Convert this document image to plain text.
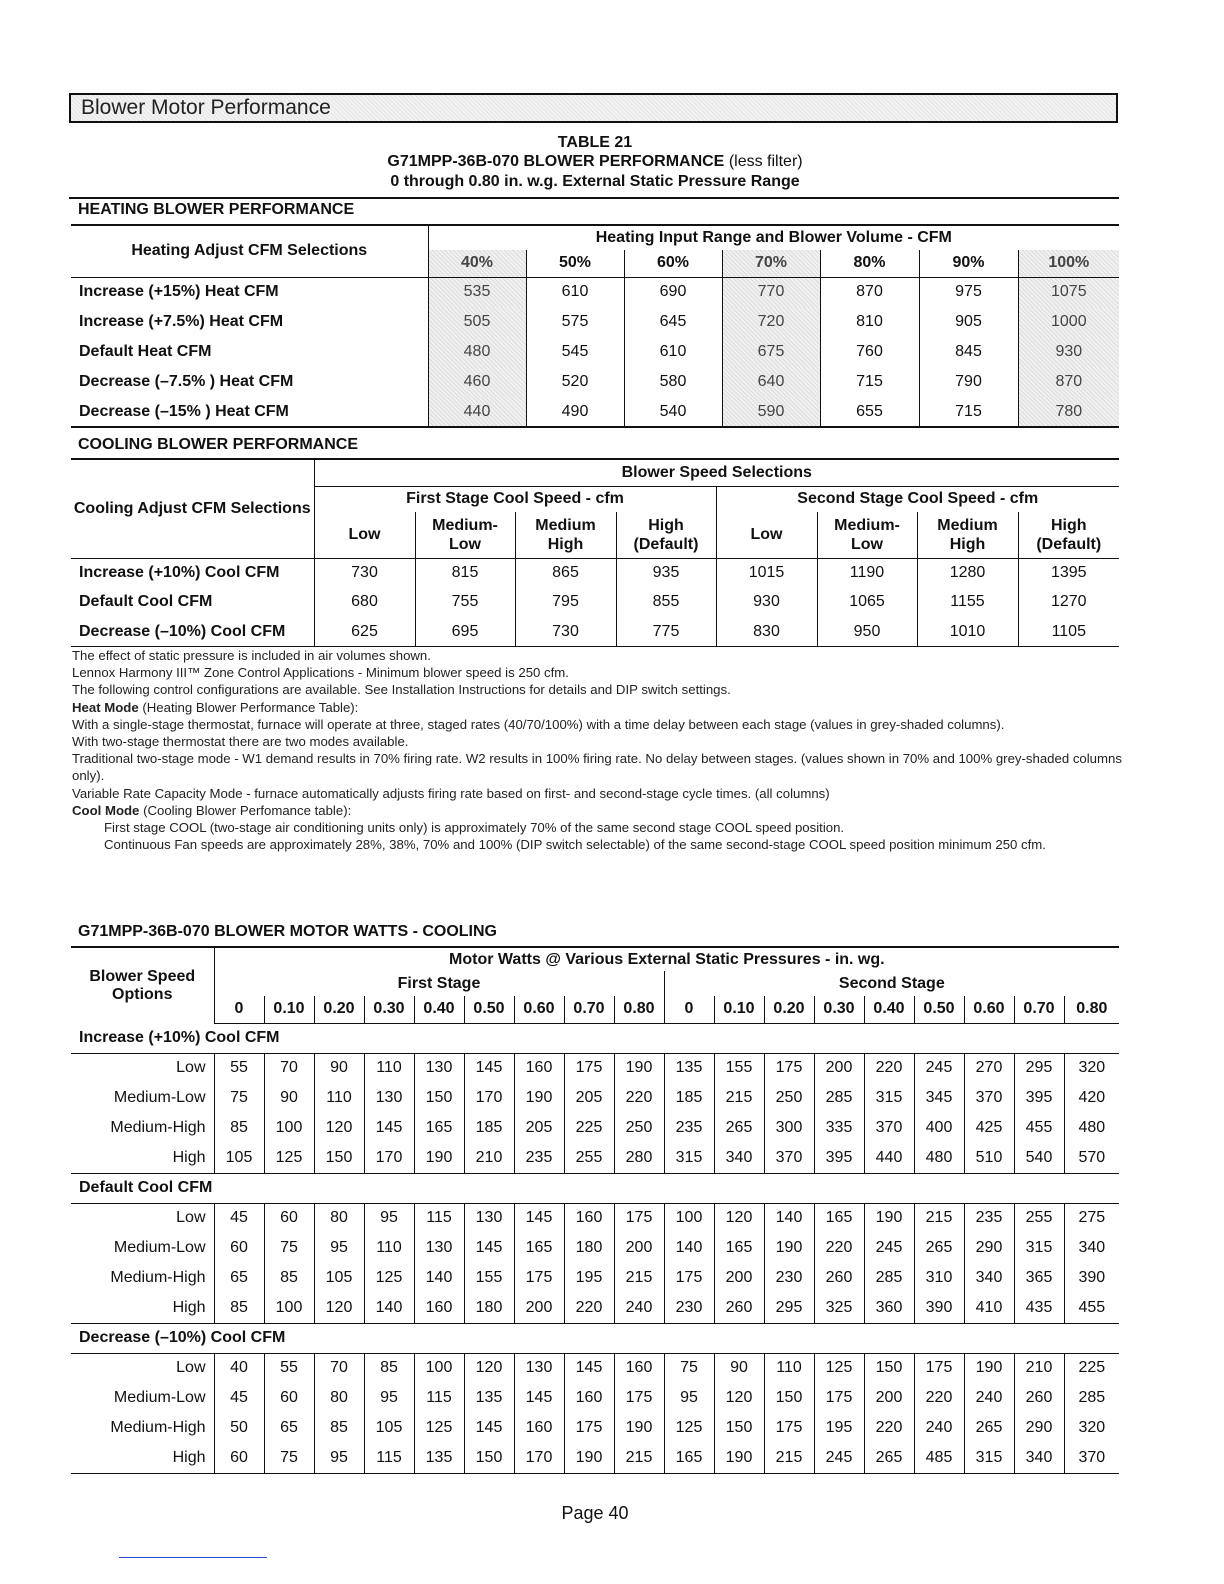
Blower Motor Performance
TABLE 21
G71MPP-36B-070 BLOWER PERFORMANCE (less filter)
0 through 0.80 in. w.g. External Static Pressure Range
HEATING BLOWER PERFORMANCE
Heating Adjust CFM Selections	Heating Input Range and Blower Volume - CFM						
	40%	50%	60%	70%	80%	90%	100%
Increase (+15%) Heat CFM	535	610	690	770	870	975	1075
Increase (+7.5%) Heat CFM	505	575	645	720	810	905	1000
Default Heat CFM	480	545	610	675	760	845	930
Decrease (–7.5% ) Heat CFM	460	520	580	640	715	790	870
Decrease (–15% ) Heat CFM	440	490	540	590	655	715	780
COOLING BLOWER PERFORMANCE
Cooling Adjust CFM Selections	Blower Speed Selections							
	First Stage Cool Speed - cfm				Second Stage Cool Speed - cfm			
	Low	Medium-Low	Medium High	High (Default)	Low	Medium-Low	Medium High	High (Default)
Increase (+10%) Cool CFM	730	815	865	935	1015	1190	1280	1395
Default Cool CFM	680	755	795	855	930	1065	1155	1270
Decrease (–10%) Cool CFM	625	695	730	775	830	950	1010	1105

The effect of static pressure is included in air volumes shown.

Lennox Harmony III™ Zone Control Applications - Minimum blower speed is 250 cfm.

The following control configurations are available. See Installation Instructions for details and DIP switch settings.

Heat Mode (Heating Blower Performance Table):

With a single-stage thermostat, furnace will operate at three, staged rates (40/70/100%) with a time delay between each stage (values in grey-shaded columns).

With two-stage thermostat there are two modes available.

Traditional two-stage mode - W1 demand results in 70% firing rate. W2 results in 100% firing rate. No delay between stages. (values shown in 70% and 100% grey-shaded columns only).

Variable Rate Capacity Mode - furnace automatically adjusts firing rate based on first- and second-stage cycle times. (all columns)

Cool Mode (Cooling Blower Perfomance table):

First stage COOL (two-stage air conditioning units only) is approximately 70% of the same second stage COOL speed position.

Continuous Fan speeds are approximately 28%, 38%, 70% and 100% (DIP switch selectable) of the same second-stage COOL speed position minimum 250 cfm.

G71MPP-36B-070 BLOWER MOTOR WATTS - COOLING
Blower Speed Options	Motor Watts @ Various External Static Pressures - in. wg.																	
	First Stage									Second Stage								
	0	0.10	0.20	0.30	0.40	0.50	0.60	0.70	0.80	0	0.10	0.20	0.30	0.40	0.50	0.60	0.70	0.80
Increase (+10%) Cool CFM																		
Low	55	70	90	110	130	145	160	175	190	135	155	175	200	220	245	270	295	320
Medium-Low	75	90	110	130	150	170	190	205	220	185	215	250	285	315	345	370	395	420
Medium-High	85	100	120	145	165	185	205	225	250	235	265	300	335	370	400	425	455	480
High	105	125	150	170	190	210	235	255	280	315	340	370	395	440	480	510	540	570
Default Cool CFM																		
Low	45	60	80	95	115	130	145	160	175	100	120	140	165	190	215	235	255	275
Medium-Low	60	75	95	110	130	145	165	180	200	140	165	190	220	245	265	290	315	340
Medium-High	65	85	105	125	140	155	175	195	215	175	200	230	260	285	310	340	365	390
High	85	100	120	140	160	180	200	220	240	230	260	295	325	360	390	410	435	455
Decrease (–10%) Cool CFM																		
Low	40	55	70	85	100	120	130	145	160	75	90	110	125	150	175	190	210	225
Medium-Low	45	60	80	95	115	135	145	160	175	95	120	150	175	200	220	240	260	285
Medium-High	50	65	85	105	125	145	160	175	190	125	150	175	195	220	240	265	290	320
High	60	75	95	115	135	150	170	190	215	165	190	215	245	265	485	315	340	370
Page 40
